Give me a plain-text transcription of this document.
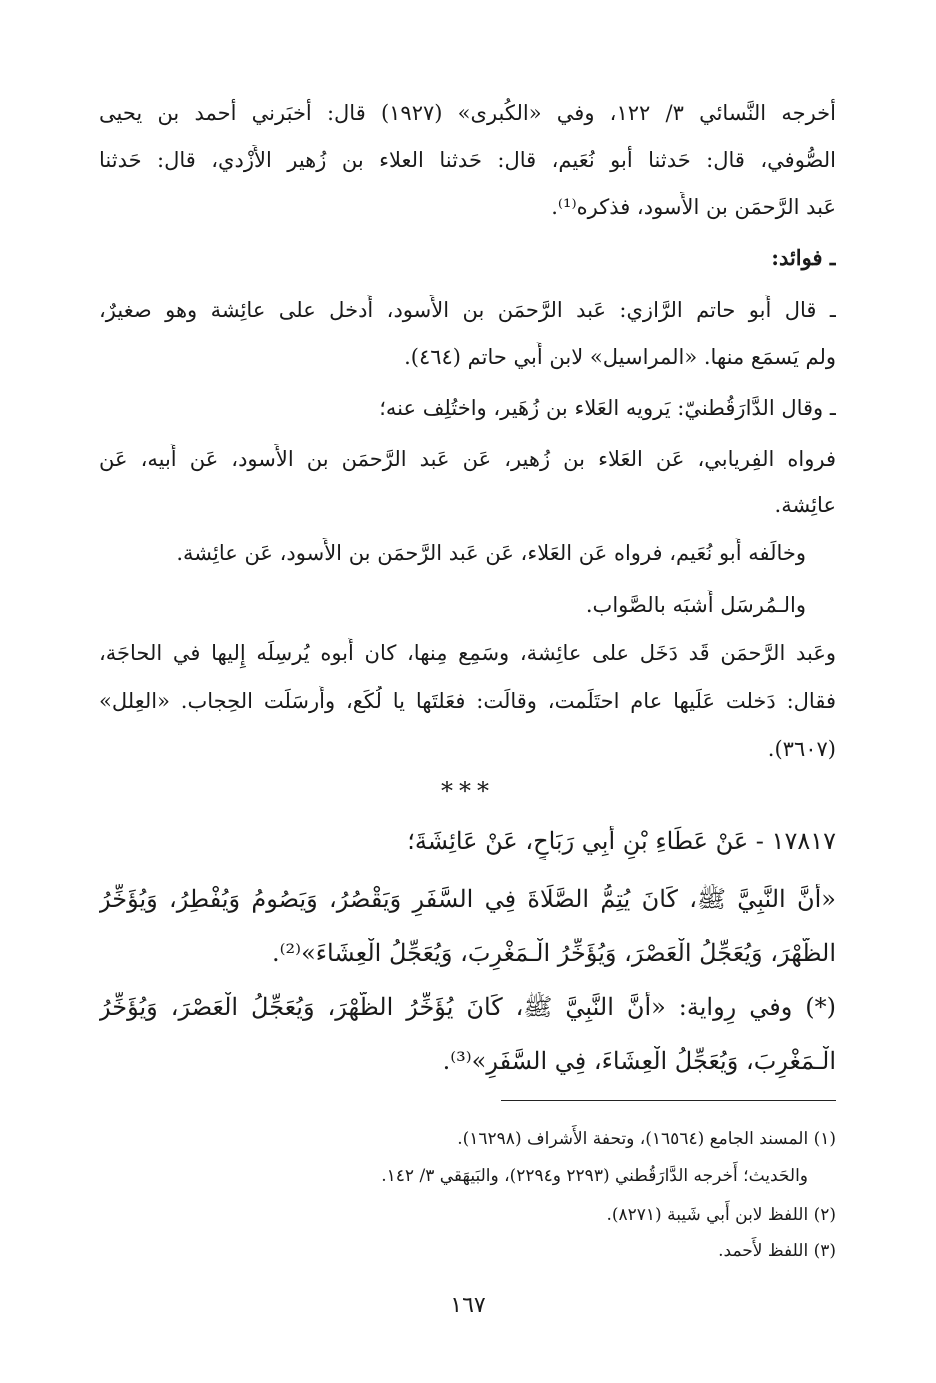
أخرجه النَّسائي ٣/ ١٢٢، وفي «الكُبرى» (١٩٢٧) قال: أخبَرني أحمد بن يحيى
الصُّوفي، قال: حَدثنا أبو نُعَيم، قال: حَدثنا العلاء بن زُهير الأَزْدي، قال: حَدثنا
عَبد الرَّحمَن بن الأَسود، فذكره⁽¹⁾.
ـ فوائد:
ـ قال أَبو حاتم الرَّازي: عَبد الرَّحمَن بن الأَسود، أُدخل على عائِشة وهو صغيرٌ،
ولم يَسمَع منها. «المراسيل» لابن أَبي حاتم (٤٦٤).
ـ وقال الدَّارَقُطنيّ: يَرويه العَلاء بن زُهَير، واختُلِف عنه؛
فرواه الفِريابي، عَن العَلاء بن زُهير، عَن عَبد الرَّحمَن بن الأَسود، عَن أَبيه، عَن
عائِشة.
وخالَفه أَبو نُعَيم، فرواه عَن العَلاء، عَن عَبد الرَّحمَن بن الأَسود، عَن عائِشة.
والـمُرسَل أَشبَه بالصَّواب.
وعَبد الرَّحمَن قَد دَخَل على عائِشة، وسَمِع مِنها، كان أَبوه يُرسِلَه إِليها في الحاجَة،
فقال: دَخلت عَلَيها عام احتَلَمت، وقالَت: فعَلتَها يا لُكَع، وأَرسَلَت الحِجاب. «العِلل»
(٣٦٠٧).
***
١٧٨١٧ - عَنْ عَطَاءِ بْنِ أَبِي رَبَاحٍ، عَنْ عَائِشَةَ؛
«أَنَّ النَّبِيَّ ﷺ، كَانَ يُتِمُّ الصَّلَاةَ فِي السَّفَرِ وَيَقْصُرُ، وَيَصُومُ وَيُفْطِرُ، وَيُؤَخِّرُ
الظُّهْرَ، وَيُعَجِّلُ الْعَصْرَ، وَيُؤَخِّرُ الْـمَغْرِبَ، وَيُعَجِّلُ الْعِشَاءَ»⁽²⁾.
(*) وفي رِواية: «أَنَّ النَّبِيَّ ﷺ، كَانَ يُؤَخِّرُ الظُّهْرَ، وَيُعَجِّلُ الْعَصْرَ، وَيُؤَخِّرُ
الْـمَغْرِبَ، وَيُعَجِّلُ الْعِشَاءَ، فِي السَّفَرِ»⁽³⁾.
(١) المسند الجامع (١٦٥٦٤)، وتحفة الأَشراف (١٦٢٩٨).
والحَديث؛ أَخرجه الدَّارَقُطني (٢٢٩٣ و٢٢٩٤)، والبَيهَقي ٣/ ١٤٢.
(٢) اللفظ لابن أَبي شَيبة (٨٢٧١).
(٣) اللفظ لأَحمد.
١٦٧
